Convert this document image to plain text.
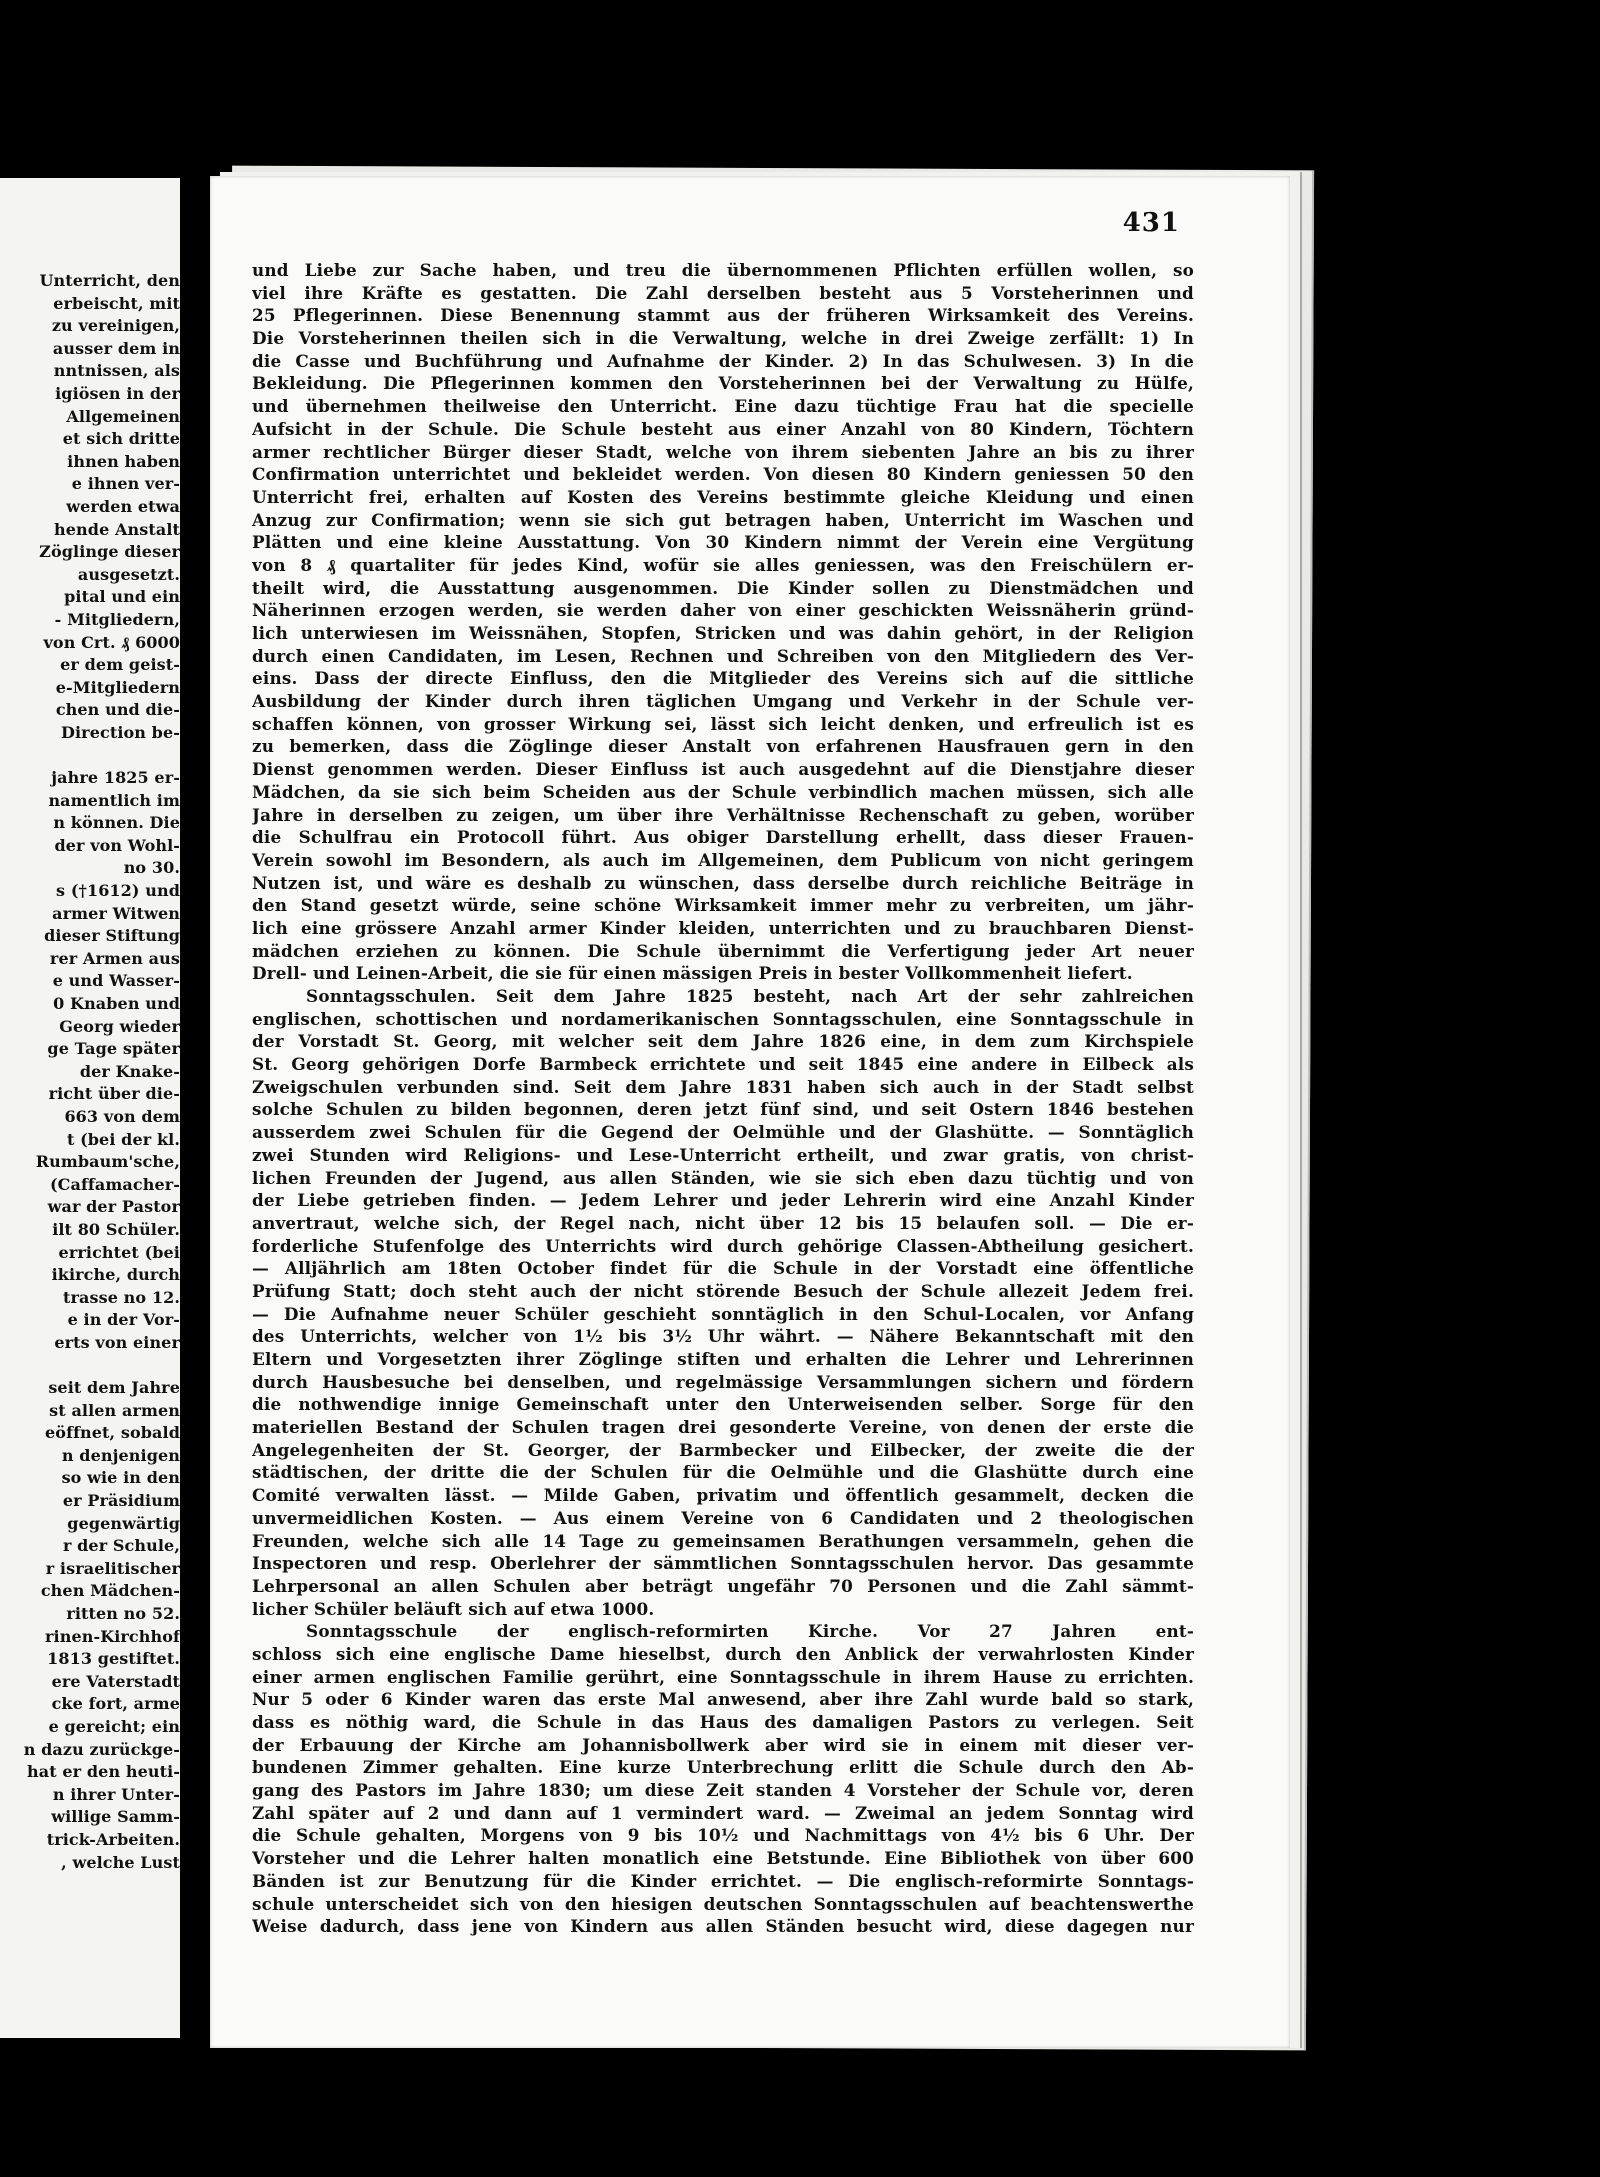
Unterricht, den
erbeischt, mit
zu vereinigen,
ausser dem in
nntnissen, als
igiösen in der
Allgemeinen
et sich dritte
ihnen haben
e ihnen ver-
werden etwa
hende Anstalt
Zöglinge dieser
ausgesetzt.
pital und ein
- Mitgliedern,
von Crt. ₰ 6000
er dem geist-
e-Mitgliedern
chen und die-
Direction be-
jahre 1825 er-
namentlich im
n können. Die
der von Wohl-
no 30.
s (†1612) und
armer Witwen
dieser Stiftung
rer Armen aus
e und Wasser-
0 Knaben und
Georg wieder
ge Tage später
der Knake-
richt über die-
663 von dem
t (bei der kl.
Rumbaum'sche,
(Caffamacher-
war der Pastor
ilt 80 Schüler.
errichtet (bei
ikirche, durch
trasse no 12.
e in der Vor-
erts von einer
seit dem Jahre
st allen armen
eöffnet, sobald
n denjenigen
so wie in den
er Präsidium
gegenwärtig
r der Schule,
r israelitischer
chen Mädchen-
ritten no 52.
rinen-Kirchhof
1813 gestiftet.
ere Vaterstadt
cke fort, arme
e gereicht; ein
n dazu zurückge-
hat er den heuti-
n ihrer Unter-
willige Samm-
trick-Arbeiten.
, welche Lust
431
und Liebe zur Sache haben, und treu die übernommenen Pflichten erfüllen wollen, so
viel ihre Kräfte es gestatten. Die Zahl derselben besteht aus 5 Vorsteherinnen und
25 Pflegerinnen. Diese Benennung stammt aus der früheren Wirksamkeit des Vereins.
Die Vorsteherinnen theilen sich in die Verwaltung, welche in drei Zweige zerfällt: 1) In
die Casse und Buchführung und Aufnahme der Kinder. 2) In das Schulwesen. 3) In die
Bekleidung. Die Pflegerinnen kommen den Vorsteherinnen bei der Verwaltung zu Hülfe,
und übernehmen theilweise den Unterricht. Eine dazu tüchtige Frau hat die specielle
Aufsicht in der Schule. Die Schule besteht aus einer Anzahl von 80 Kindern, Töchtern
armer rechtlicher Bürger dieser Stadt, welche von ihrem siebenten Jahre an bis zu ihrer
Confirmation unterrichtet und bekleidet werden. Von diesen 80 Kindern geniessen 50 den
Unterricht frei, erhalten auf Kosten des Vereins bestimmte gleiche Kleidung und einen
Anzug zur Confirmation; wenn sie sich gut betragen haben, Unterricht im Waschen und
Plätten und eine kleine Ausstattung. Von 30 Kindern nimmt der Verein eine Vergütung
von 8 ₰ quartaliter für jedes Kind, wofür sie alles geniessen, was den Freischülern er-
theilt wird, die Ausstattung ausgenommen. Die Kinder sollen zu Dienstmädchen und
Näherinnen erzogen werden, sie werden daher von einer geschickten Weissnäherin gründ-
lich unterwiesen im Weissnähen, Stopfen, Stricken und was dahin gehört, in der Religion
durch einen Candidaten, im Lesen, Rechnen und Schreiben von den Mitgliedern des Ver-
eins. Dass der directe Einfluss, den die Mitglieder des Vereins sich auf die sittliche
Ausbildung der Kinder durch ihren täglichen Umgang und Verkehr in der Schule ver-
schaffen können, von grosser Wirkung sei, lässt sich leicht denken, und erfreulich ist es
zu bemerken, dass die Zöglinge dieser Anstalt von erfahrenen Hausfrauen gern in den
Dienst genommen werden. Dieser Einfluss ist auch ausgedehnt auf die Dienstjahre dieser
Mädchen, da sie sich beim Scheiden aus der Schule verbindlich machen müssen, sich alle
Jahre in derselben zu zeigen, um über ihre Verhältnisse Rechenschaft zu geben, worüber
die Schulfrau ein Protocoll führt. Aus obiger Darstellung erhellt, dass dieser Frauen-
Verein sowohl im Besondern, als auch im Allgemeinen, dem Publicum von nicht geringem
Nutzen ist, und wäre es deshalb zu wünschen, dass derselbe durch reichliche Beiträge in
den Stand gesetzt würde, seine schöne Wirksamkeit immer mehr zu verbreiten, um jähr-
lich eine grössere Anzahl armer Kinder kleiden, unterrichten und zu brauchbaren Dienst-
mädchen erziehen zu können. Die Schule übernimmt die Verfertigung jeder Art neuer
Drell- und Leinen-Arbeit, die sie für einen mässigen Preis in bester Vollkommenheit liefert.
Sonntagsschulen. Seit dem Jahre 1825 besteht, nach Art der sehr zahlreichen
englischen, schottischen und nordamerikanischen Sonntagsschulen, eine Sonntagsschule in
der Vorstadt St. Georg, mit welcher seit dem Jahre 1826 eine, in dem zum Kirchspiele
St. Georg gehörigen Dorfe Barmbeck errichtete und seit 1845 eine andere in Eilbeck als
Zweigschulen verbunden sind. Seit dem Jahre 1831 haben sich auch in der Stadt selbst
solche Schulen zu bilden begonnen, deren jetzt fünf sind, und seit Ostern 1846 bestehen
ausserdem zwei Schulen für die Gegend der Oelmühle und der Glashütte. — Sonntäglich
zwei Stunden wird Religions- und Lese-Unterricht ertheilt, und zwar gratis, von christ-
lichen Freunden der Jugend, aus allen Ständen, wie sie sich eben dazu tüchtig und von
der Liebe getrieben finden. — Jedem Lehrer und jeder Lehrerin wird eine Anzahl Kinder
anvertraut, welche sich, der Regel nach, nicht über 12 bis 15 belaufen soll. — Die er-
forderliche Stufenfolge des Unterrichts wird durch gehörige Classen-Abtheilung gesichert.
— Alljährlich am 18ten October findet für die Schule in der Vorstadt eine öffentliche
Prüfung Statt; doch steht auch der nicht störende Besuch der Schule allezeit Jedem frei.
— Die Aufnahme neuer Schüler geschieht sonntäglich in den Schul-Localen, vor Anfang
des Unterrichts, welcher von 1½ bis 3½ Uhr währt. — Nähere Bekanntschaft mit den
Eltern und Vorgesetzten ihrer Zöglinge stiften und erhalten die Lehrer und Lehrerinnen
durch Hausbesuche bei denselben, und regelmässige Versammlungen sichern und fördern
die nothwendige innige Gemeinschaft unter den Unterweisenden selber. Sorge für den
materiellen Bestand der Schulen tragen drei gesonderte Vereine, von denen der erste die
Angelegenheiten der St. Georger, der Barmbecker und Eilbecker, der zweite die der
städtischen, der dritte die der Schulen für die Oelmühle und die Glashütte durch eine
Comité verwalten lässt. — Milde Gaben, privatim und öffentlich gesammelt, decken die
unvermeidlichen Kosten. — Aus einem Vereine von 6 Candidaten und 2 theologischen
Freunden, welche sich alle 14 Tage zu gemeinsamen Berathungen versammeln, gehen die
Inspectoren und resp. Oberlehrer der sämmtlichen Sonntagsschulen hervor. Das gesammte
Lehrpersonal an allen Schulen aber beträgt ungefähr 70 Personen und die Zahl sämmt-
licher Schüler beläuft sich auf etwa 1000.
Sonntagsschule der englisch-reformirten Kirche. Vor 27 Jahren ent-
schloss sich eine englische Dame hieselbst, durch den Anblick der verwahrlosten Kinder
einer armen englischen Familie gerührt, eine Sonntagsschule in ihrem Hause zu errichten.
Nur 5 oder 6 Kinder waren das erste Mal anwesend, aber ihre Zahl wurde bald so stark,
dass es nöthig ward, die Schule in das Haus des damaligen Pastors zu verlegen. Seit
der Erbauung der Kirche am Johannisbollwerk aber wird sie in einem mit dieser ver-
bundenen Zimmer gehalten. Eine kurze Unterbrechung erlitt die Schule durch den Ab-
gang des Pastors im Jahre 1830; um diese Zeit standen 4 Vorsteher der Schule vor, deren
Zahl später auf 2 und dann auf 1 vermindert ward. — Zweimal an jedem Sonntag wird
die Schule gehalten, Morgens von 9 bis 10½ und Nachmittags von 4½ bis 6 Uhr. Der
Vorsteher und die Lehrer halten monatlich eine Betstunde. Eine Bibliothek von über 600
Bänden ist zur Benutzung für die Kinder errichtet. — Die englisch-reformirte Sonntags-
schule unterscheidet sich von den hiesigen deutschen Sonntagsschulen auf beachtenswerthe
Weise dadurch, dass jene von Kindern aus allen Ständen besucht wird, diese dagegen nur
